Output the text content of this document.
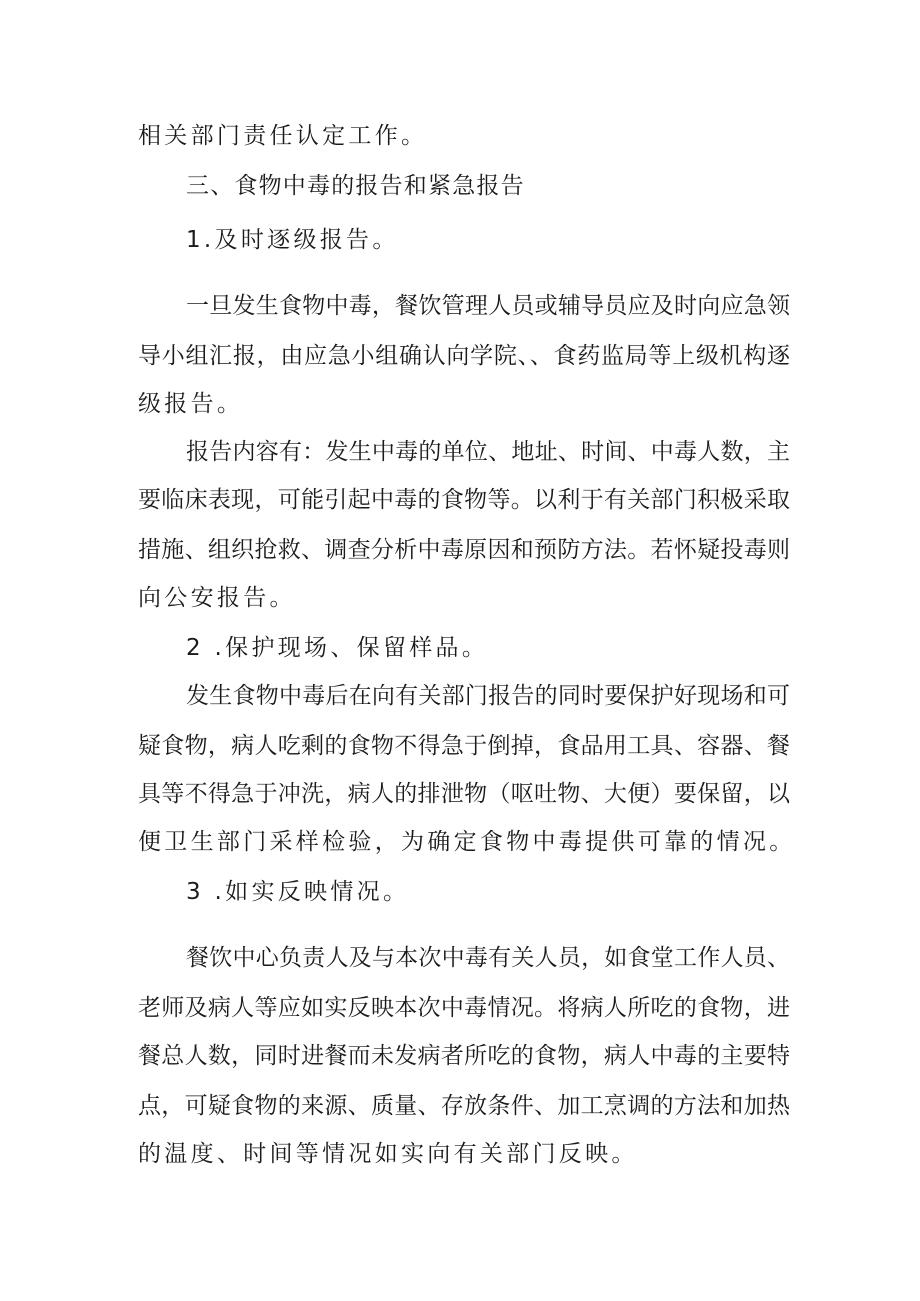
相关部门责任认定工作。
三、食物中毒的报告和紧急报告
1.及时逐级报告。
一旦发生食物中毒，餐饮管理人员或辅导员应及时向应急领
导小组汇报，由应急小组确认向学院、、食药监局等上级机构逐
级报告。
报告内容有：发生中毒的单位、地址、时间、中毒人数，主
要临床表现，可能引起中毒的食物等。以利于有关部门积极采取
措施、组织抢救、调查分析中毒原因和预防方法。若怀疑投毒则
向公安报告。
2 .保护现场、保留样品。
发生食物中毒后在向有关部门报告的同时要保护好现场和可
疑食物，病人吃剩的食物不得急于倒掉，食品用工具、容器、餐
具等不得急于冲洗，病人的排泄物（呕吐物、大便）要保留，以
便卫生部门采样检验，为确定食物中毒提供可靠的情况。
3 .如实反映情况。
餐饮中心负责人及与本次中毒有关人员，如食堂工作人员、
老师及病人等应如实反映本次中毒情况。将病人所吃的食物，进
餐总人数，同时进餐而未发病者所吃的食物，病人中毒的主要特
点，可疑食物的来源、质量、存放条件、加工烹调的方法和加热
的温度、时间等情况如实向有关部门反映。
